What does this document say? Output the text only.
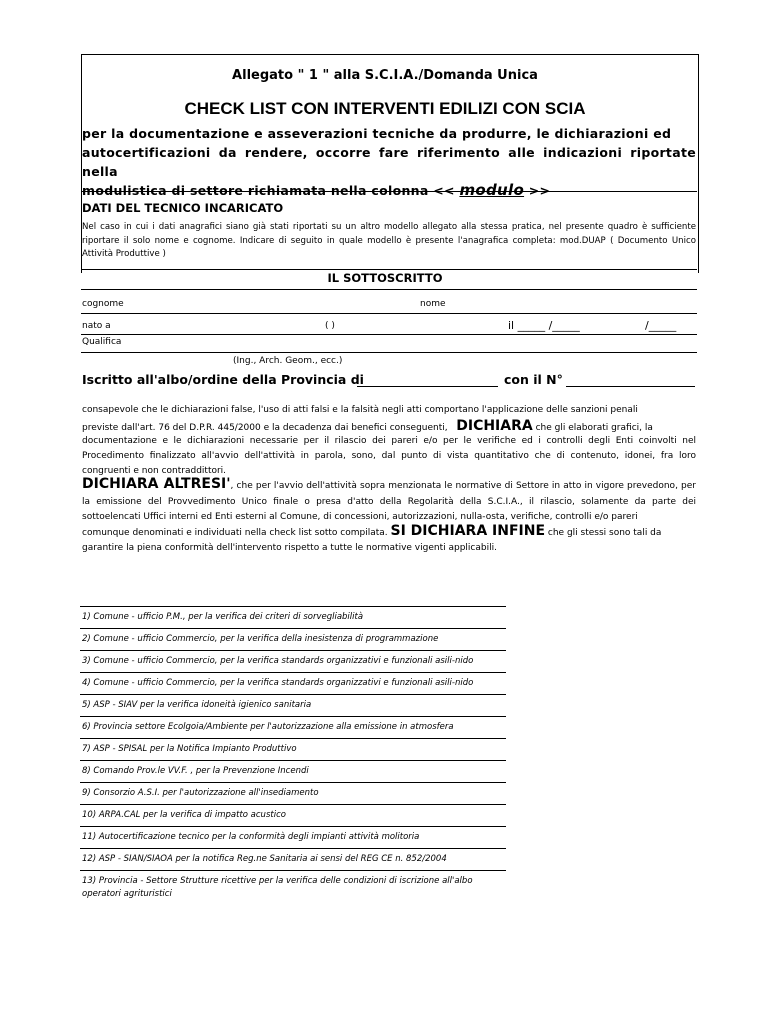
Allegato " 1 " alla S.C.I.A./Domanda Unica
CHECK LIST CON INTERVENTI EDILIZI CON SCIA
per la documentazione e asseverazioni tecniche da produrre, le dichiarazioni ed
autocertificazioni da rendere, occorre fare riferimento alle indicazioni riportate nella
modulistica di settore richiamata nella colonna << modulo >>
DATI DEL TECNICO INCARICATO
Nel caso in cui i dati anagrafici siano già stati riportati su un altro modello allegato alla stessa pratica, nel presente quadro è sufficiente riportare il solo nome e cognome. Indicare di seguito in quale modello è presente l'anagrafica completa: mod.DUAP ( Documento Unico Attività Produttive )
IL SOTTOSCRITTO
cognome	nome
nato a	( )	il _____ /_____	/_____
Qualifica
(Ing., Arch. Geom., ecc.)
Iscritto all'albo/ordine della Provincia di	con il N°
consapevole che le dichiarazioni false, l'uso di atti falsi e la falsità negli atti comportano l'applicazione delle sanzioni penali
previste dall'art. 76 del D.P.R. 445/2000 e la decadenza dai benefici conseguenti, DICHIARA che gli elaborati grafici, la
documentazione e le dichiarazioni necessarie per il rilascio dei pareri e/o per le verifiche ed i controlli degli Enti coinvolti nel Procedimento finalizzato all'avvio dell'attività in parola, sono, dal punto di vista quantitativo che di contenuto, idonei, fra loro congruenti e non contraddittori.
DICHIARA ALTRESI', che per l'avvio dell'attività sopra menzionata le normative di Settore in atto in vigore prevedono, per la emissione del Provvedimento Unico finale o presa d'atto della Regolarità della S.C.I.A., il rilascio, solamente da parte dei sottoelencati Uffici interni ed Enti esterni al Comune, di concessioni, autorizzazioni, nulla-osta, verifiche, controlli e/o pareri
comunque denominati e individuati nella check list sotto compilata. SI DICHIARA INFINE che gli stessi sono tali da
garantire la piena conformità dell'intervento rispetto a tutte le normative vigenti applicabili.
1) Comune - ufficio P.M., per la verifica dei criteri di sorvegliabilità
2) Comune - ufficio Commercio, per la verifica della inesistenza di programmazione
3) Comune - ufficio Commercio, per la verifica standards organizzativi e funzionali asili-nido
4) Comune - ufficio Commercio, per la verifica standards organizzativi e funzionali asili-nido
5) ASP - SIAV per la verifica idoneità igienico sanitaria
6) Provincia settore Ecolgoia/Ambiente per l'autorizzazione alla emissione in atmosfera
7) ASP - SPISAL per la Notifica Impianto Produttivo
8) Comando Prov.le VV.F. , per la Prevenzione Incendi
9) Consorzio A.S.I. per l'autorizzazione all'insediamento
10) ARPA.CAL per la verifica di impatto acustico
11) Autocertificazione tecnico per la conformità degli impianti attività molitoria
12) ASP - SIAN/SIAOA per la notifica Reg.ne Sanitaria ai sensi del REG CE n. 852/2004
13) Provincia - Settore Strutture ricettive per la verifica delle condizioni di iscrizione all'albo operatori agrituristici
